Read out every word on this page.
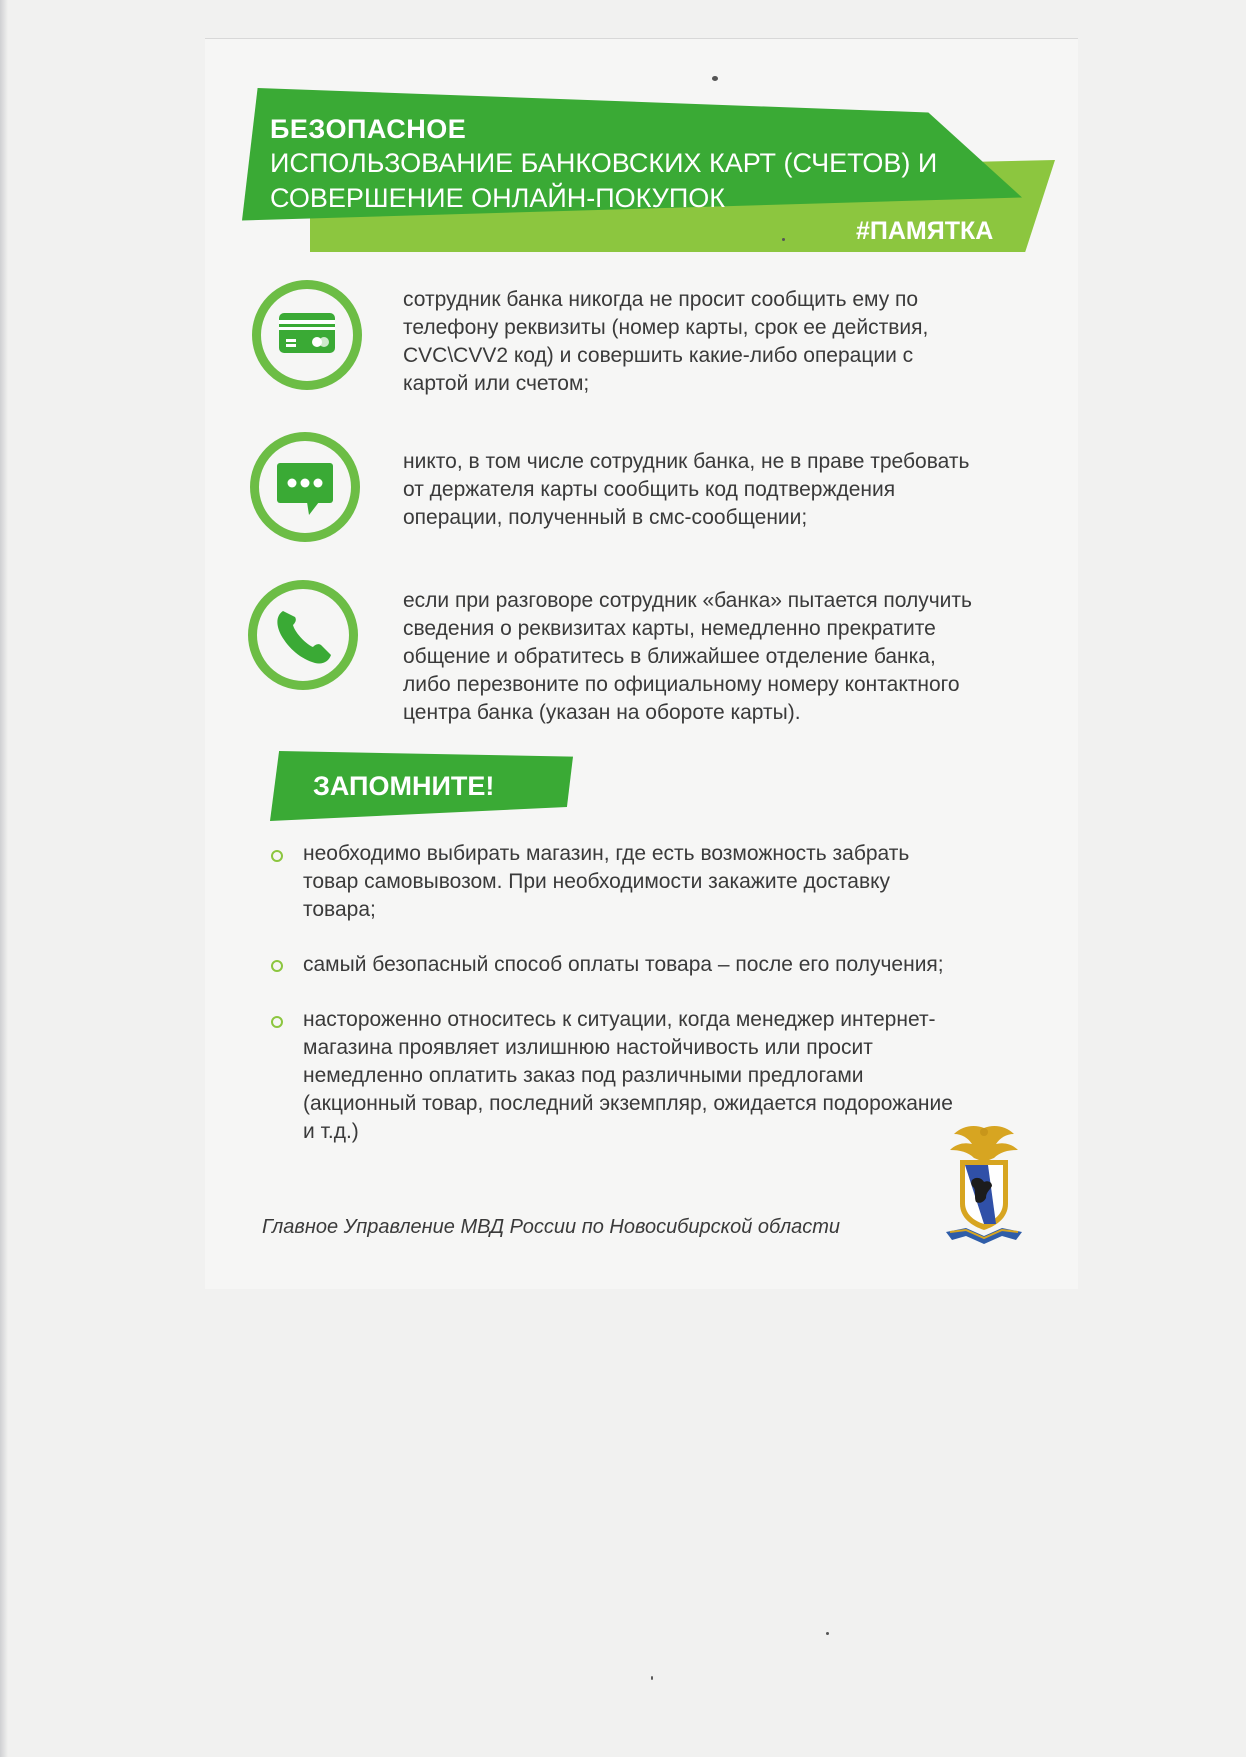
БЕЗОПАСНОЕ
ИСПОЛЬЗОВАНИЕ БАНКОВСКИХ КАРТ (СЧЕТОВ) И
СОВЕРШЕНИЕ ОНЛАЙН-ПОКУПОК
#ПАМЯТКА
сотрудник банка никогда не просит сообщить ему по
телефону реквизиты (номер карты, срок ее действия,
CVC\CVV2 код) и совершить какие-либо операции с
картой или счетом;
никто, в том числе сотрудник банка, не в праве требовать
от держателя карты сообщить код подтверждения
операции, полученный в смс-сообщении;
если при разговоре сотрудник «банка» пытается получить
сведения о реквизитах карты, немедленно прекратите
общение и обратитесь в ближайшее отделение банка,
либо перезвоните по официальному номеру контактного
центра банка (указан на обороте карты).
ЗАПОМНИТЕ!
необходимо выбирать магазин, где есть возможность забрать
товар самовывозом. При необходимости закажите доставку
товара;
самый безопасный способ оплаты товара – после его получения;
настороженно относитесь к ситуации, когда менеджер интернет-
магазина проявляет излишнюю настойчивость или просит
немедленно оплатить заказ под различными предлогами
(акционный товар, последний экземпляр, ожидается подорожание
и т.д.)
Главное Управление МВД России по Новосибирской области
